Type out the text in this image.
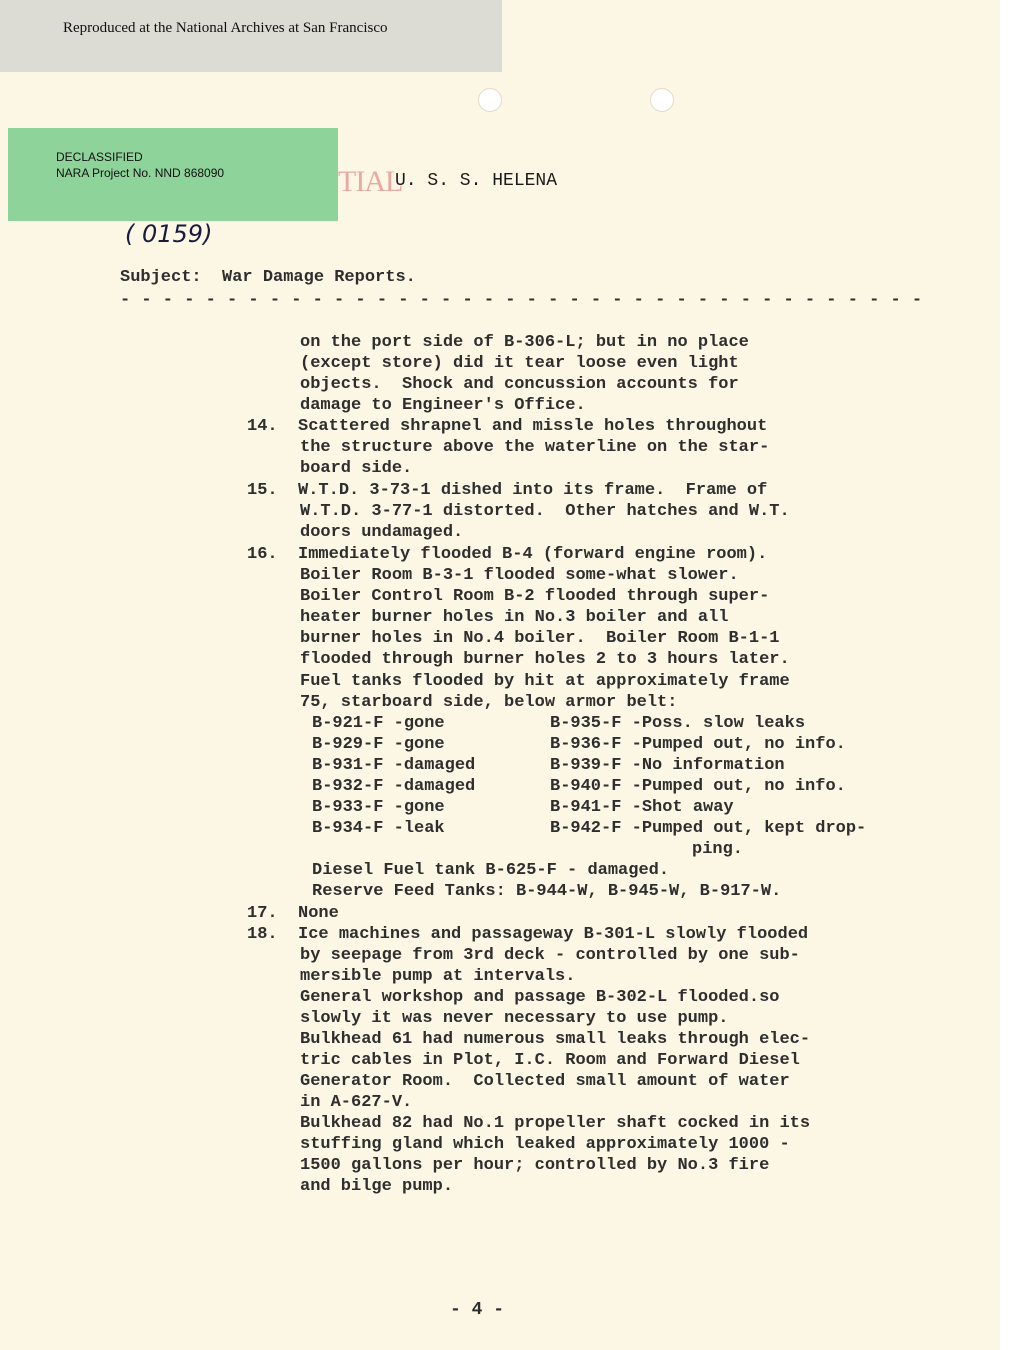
Reproduced at the National Archives at San Francisco
DECLASSIFIED
NARA Project No. NND 868090	TIAL
U. S. S. HELENA
( 0159)
Subject:  War Damage Reports.
- - - - - - - - - - - - - - - - - - - - - - - - - - - - - - - - - - - - - -
on the port side of B-306-L; but in no place
(except store) did it tear loose even light
objects.  Shock and concussion accounts for
damage to Engineer's Office.
14.  Scattered shrapnel and missle holes throughout
the structure above the waterline on the star-
board side.
15.  W.T.D. 3-73-1 dished into its frame.  Frame of
W.T.D. 3-77-1 distorted.  Other hatches and W.T.
doors undamaged.
16.  Immediately flooded B-4 (forward engine room).
Boiler Room B-3-1 flooded some-what slower.
Boiler Control Room B-2 flooded through super-
heater burner holes in No.3 boiler and all
burner holes in No.4 boiler.  Boiler Room B-1-1
flooded through burner holes 2 to 3 hours later.
Fuel tanks flooded by hit at approximately frame
75, starboard side, below armor belt:
B-921-F -gone	B-935-F -Poss. slow leaks
B-929-F -gone	B-936-F -Pumped out, no info.
B-931-F -damaged	B-939-F -No information
B-932-F -damaged	B-940-F -Pumped out, no info.
B-933-F -gone	B-941-F -Shot away
B-934-F -leak	B-942-F -Pumped out, kept drop-
ping.
Diesel Fuel tank B-625-F - damaged.
Reserve Feed Tanks: B-944-W, B-945-W, B-917-W.
17.  None
18.  Ice machines and passageway B-301-L slowly flooded
by seepage from 3rd deck - controlled by one sub-
mersible pump at intervals.
General workshop and passage B-302-L flooded.so
slowly it was never necessary to use pump.
Bulkhead 61 had numerous small leaks through elec-
tric cables in Plot, I.C. Room and Forward Diesel
Generator Room.  Collected small amount of water
in A-627-V.
Bulkhead 82 had No.1 propeller shaft cocked in its
stuffing gland which leaked approximately 1000 -
1500 gallons per hour; controlled by No.3 fire
and bilge pump.
- 4 -
